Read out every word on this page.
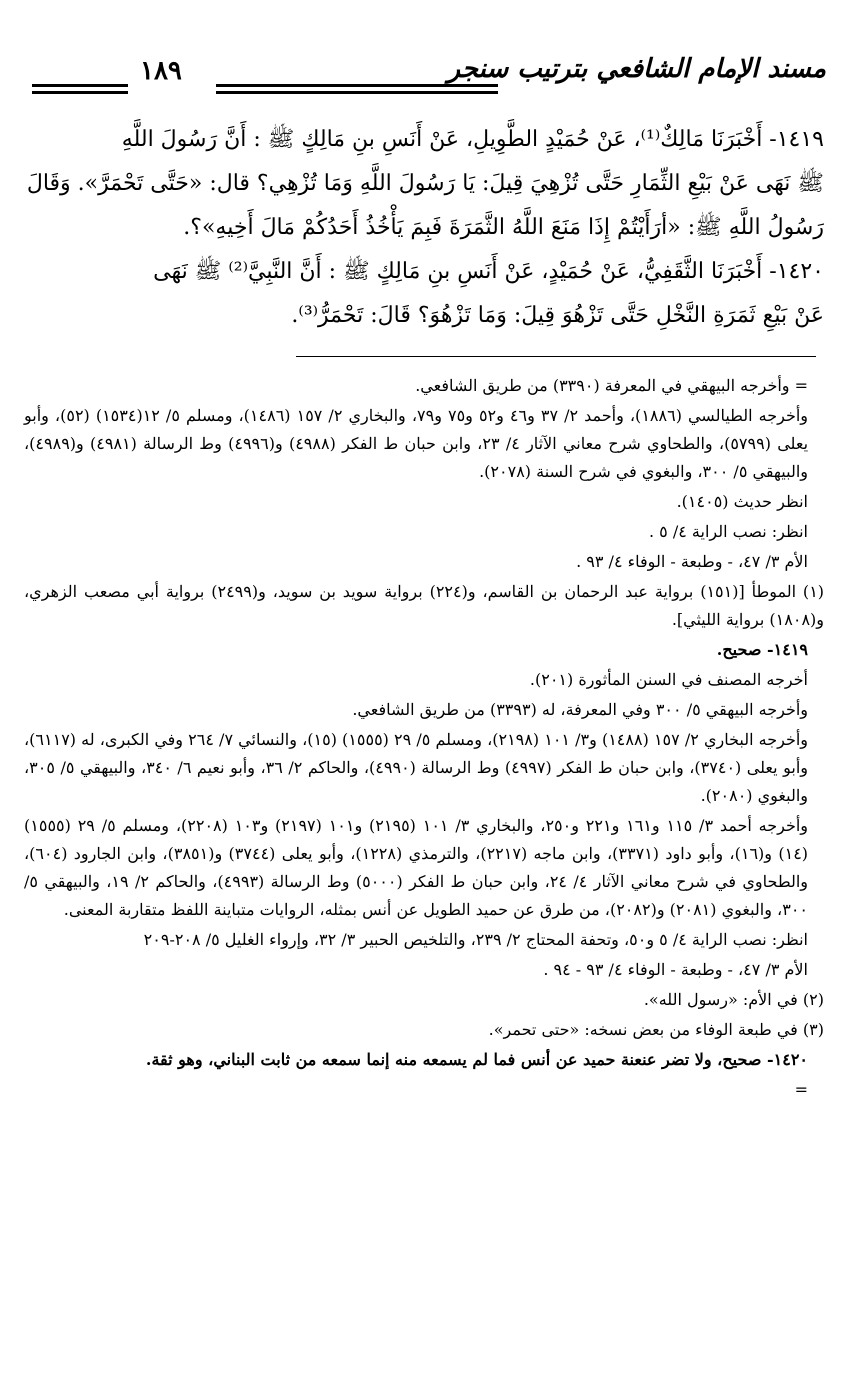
مسند الإمام الشافعي بترتيب سنجر
١٨٩

١٤١٩- أَخْبَرَنَا مَالِكٌ⁽¹⁾، عَنْ حُمَيْدٍ الطَّوِيلِ، عَنْ أَنَسِ بنِ مَالِكٍ ﷺ : أَنَّ رَسُولَ اللَّهِ

ﷺ نَهَى عَنْ بَيْعِ الثِّمَارِ حَتَّى تُزْهِيَ قِيلَ: يَا رَسُولَ اللَّهِ وَمَا تُزْهِي؟ قال: «حَتَّى تَحْمَرَّ». وَقَالَ

رَسُولُ اللَّهِ ﷺ: «أرَأَيْتُمْ إِذَا مَنَعَ اللَّهُ الثَّمَرَةَ فَبِمَ يَأْخُذُ أَحَدُكُمْ مَالَ أَخِيهِ»؟.

١٤٢٠- أَخْبَرَنَا الثَّقَفِيُّ، عَنْ حُمَيْدٍ، عَنْ أَنَسِ بنِ مَالِكٍ ﷺ : أَنَّ النَّبِيَّ⁽²⁾ ﷺ نَهَى

عَنْ بَيْعِ ثَمَرَةِ النَّخْلِ حَتَّى تَزْهُوَ قِيلَ: وَمَا تَزْهُوَ؟ قَالَ: تَحْمَرُّ⁽³⁾.

= وأخرجه البيهقي في المعرفة (٣٣٩٠) من طريق الشافعي.

وأخرجه الطيالسي (١٨٨٦)، وأحمد ٢/ ٣٧ و٤٦ و٥٢ و٧٥ و٧٩، والبخاري ٢/ ١٥٧ (١٤٨٦)، ومسلم ٥/ ١٢(١٥٣٤) (٥٢)، وأبو يعلى (٥٧٩٩)، والطحاوي شرح معاني الآثار ٤/ ٢٣، وابن حبان ط الفكر (٤٩٨٨) و(٤٩٩٦) وط الرسالة (٤٩٨١) و(٤٩٨٩)، والبيهقي ٥/ ٣٠٠، والبغوي في شرح السنة (٢٠٧٨).

انظر حديث (١٤٠٥).

انظر: نصب الراية ٤/ ٥ .

الأم ٣/ ٤٧، - وطبعة - الوفاء ٤/ ٩٣ .

(١) الموطأ [(١٥١) برواية عبد الرحمان بن القاسم، و(٢٢٤) برواية سويد بن سويد، و(٢٤٩٩) برواية أبي مصعب الزهري، و(١٨٠٨) برواية الليثي].

١٤١٩- صحيح.

أخرجه المصنف في السنن المأثورة (٢٠١).

وأخرجه البيهقي ٥/ ٣٠٠ وفي المعرفة، له (٣٣٩٣) من طريق الشافعي.

وأخرجه البخاري ٢/ ١٥٧ (١٤٨٨) و٣/ ١٠١ (٢١٩٨)، ومسلم ٥/ ٢٩ (١٥٥٥) (١٥)، والنسائي ٧/ ٢٦٤ وفي الكبرى، له (٦١١٧)، وأبو يعلى (٣٧٤٠)، وابن حبان ط الفكر (٤٩٩٧) وط الرسالة (٤٩٩٠)، والحاكم ٢/ ٣٦، وأبو نعيم ٦/ ٣٤٠، والبيهقي ٥/ ٣٠٥، والبغوي (٢٠٨٠).

وأخرجه أحمد ٣/ ١١٥ و١٦١ و٢٢١ و٢٥٠، والبخاري ٣/ ١٠١ (٢١٩٥) و١٠١ (٢١٩٧) و١٠٣ (٢٢٠٨)، ومسلم ٥/ ٢٩ (١٥٥٥) (١٤) و(١٦)، وأبو داود (٣٣٧١)، وابن ماجه (٢٢١٧)، والترمذي (١٢٢٨)، وأبو يعلى (٣٧٤٤) و(٣٨٥١)، وابن الجارود (٦٠٤)، والطحاوي في شرح معاني الآثار ٤/ ٢٤، وابن حبان ط الفكر (٥٠٠٠) وط الرسالة (٤٩٩٣)، والحاكم ٢/ ١٩، والبيهقي ٥/ ٣٠٠، والبغوي (٢٠٨١) و(٢٠٨٢)، من طرق عن حميد الطويل عن أنس بمثله، الروايات متباينة اللفظ متقاربة المعنى.

انظر: نصب الراية ٤/ ٥ و٥٠، وتحفة المحتاج ٢/ ٢٣٩، والتلخيص الحبير ٣/ ٣٢، وإرواء الغليل ٥/ ٢٠٨-٢٠٩

الأم ٣/ ٤٧، - وطبعة - الوفاء ٤/ ٩٣ - ٩٤ .

(٢) في الأم: «رسول الله».

(٣) في طبعة الوفاء من بعض نسخه: «حتى تحمر».

١٤٢٠- صحيح، ولا تضر عنعنة حميد عن أنس فما لم يسمعه منه إنما سمعه من ثابت البناني، وهو ثقة.

=
